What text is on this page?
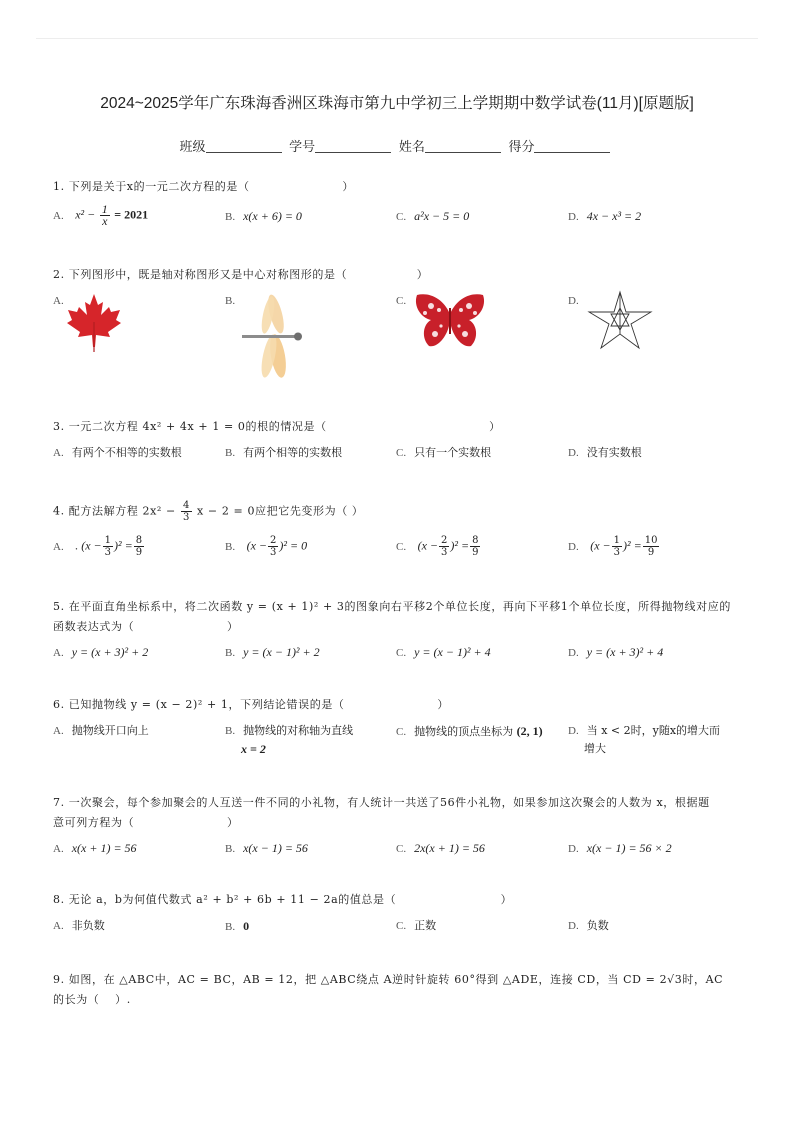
2024~2025学年广东珠海香洲区珠海市第九中学初三上学期期中数学试卷(11月)[原题版]
班级	学号	姓名	得分
1. 下列是关于x的一元二次方程的是（　　　　　　　　）
A. $x^2 - \frac{1}{x} = 2021$	B. x(x + 6) = 0	C. a²x − 5 = 0	D. 4x − x³ = 2
2. 下列图形中，既是轴对称图形又是中心对称图形的是（　　　　　　）
A.	B.	C.	D.
3. 一元二次方程 4x² + 4x + 1 = 0的根的情况是（　　　　　　　　　　　　　　）
A. 有两个不相等的实数根	B. 有两个相等的实数根	C. 只有一个实数根	D. 没有实数根
4. 配方法解方程 $2x^2 - \frac{4}{3}$ x − 2 = 0应把它先变形为（ ）
A. . $(x - \frac{1}{3} )^2 = \frac{8}{9}$	B. $(x - \frac{2}{3} )^2 = 0$	C. $(x - \frac{2}{3} )^2 = \frac{8}{9}$	D. $(x - \frac{1}{3} )^2 = \frac{10}{9}$
5. 在平面直角坐标系中，将二次函数 y = (x + 1)² + 3的图象向右平移2个单位长度，再向下平移1个单位长度，所得抛物线对应的
函数表达式为（　　　　　　　　）
A. y = (x + 3)² + 2	B. y = (x − 1)² + 2	C. y = (x − 1)² + 4	D. y = (x + 3)² + 4
6. 已知抛物线 y = (x − 2)² + 1，下列结论错误的是（　　　　　　　　）
A. 抛物线开口向上	B. 抛物线的对称轴为直线
x = 2
C. 抛物线的顶点坐标为 (2, 1)	D. 当 x < 2时，y随x的增大而
增大
7. 一次聚会，每个参加聚会的人互送一件不同的小礼物，有人统计一共送了56件小礼物，如果参加这次聚会的人数为 x，根据题
意可列方程为（　　　　　　　　）
A. x(x + 1) = 56	B. x(x − 1) = 56	C. 2x(x + 1) = 56	D. x(x − 1) = 56 × 2
8. 无论 a，b为何值代数式 a² + b² + 6b + 11 − 2a的值总是（　　　　　　　　　）
A. 非负数	B. 0	C. 正数	D. 负数
9. 如图，在 △ABC中，AC = BC，AB = 12，把 △ABC绕点 A逆时针旋转 60°得到 △ADE，连接 CD，当 CD = 2√3时，AC
的长为（　 ）.
